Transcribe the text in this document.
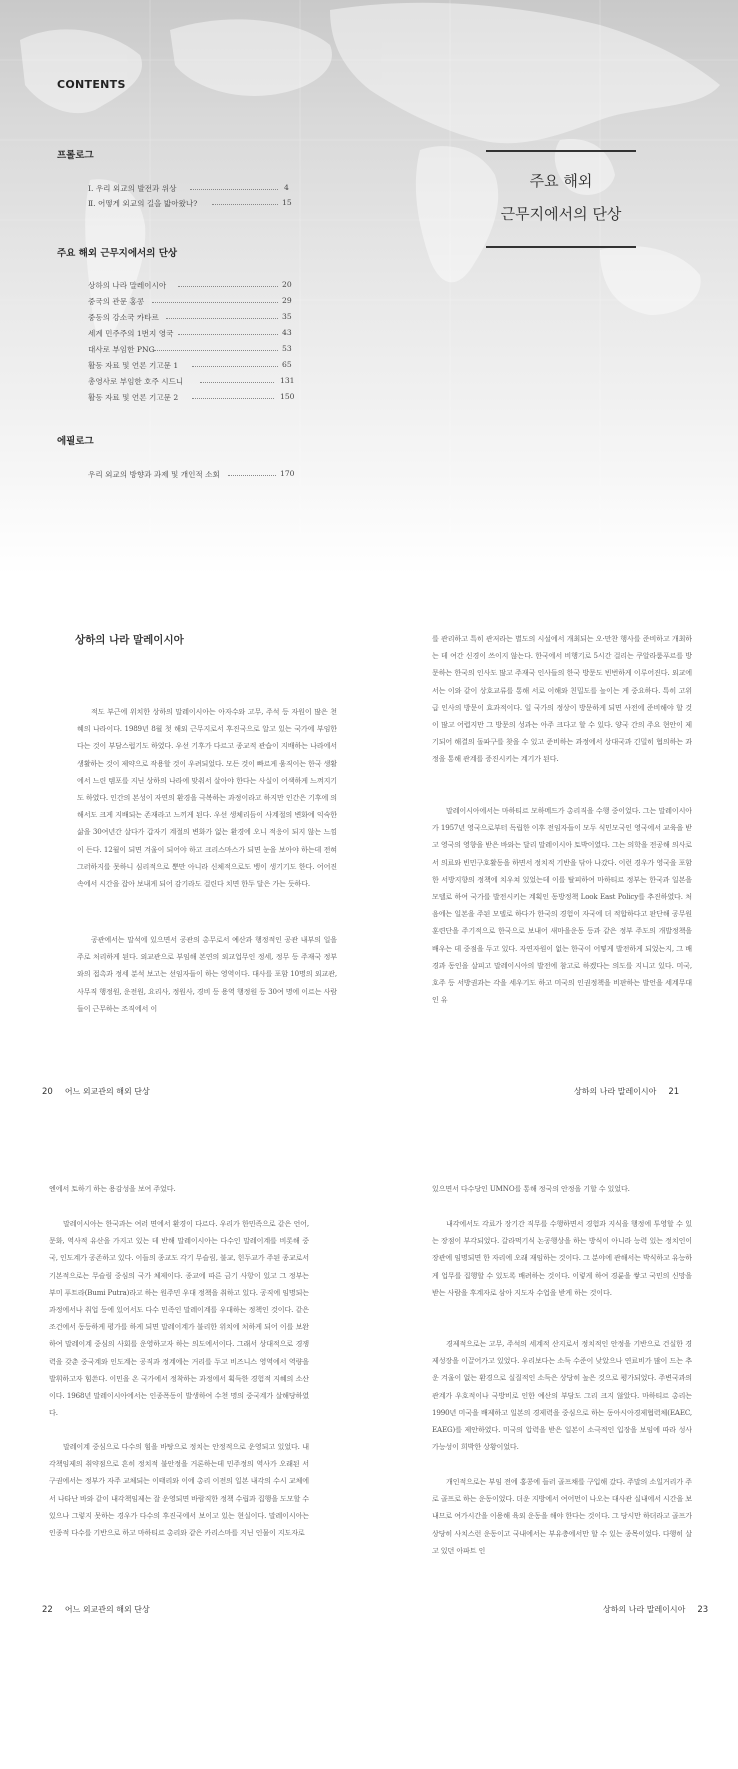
CONTENTS
프롤로그
Ⅰ. 우리 외교의 발전과 위상	4
Ⅱ. 어떻게 외교의 길을 밟아왔나?	15
주요 해외 근무지에서의 단상
상하의 나라 말레이시아	20
중국의 관문 홍콩	29
중동의 강소국 카타르	35
세계 민주주의 1번지 영국	43
대사로 부임한 PNG	53
활동 자료 및 언론 기고문 1	65
총영사로 부임한 호주 시드니	131
활동 자료 및 언론 기고문 2	150
에필로그
우리 외교의 방향과 과제 및 개인적 소회	170
주요 해외
근무지에서의 단상
상하의 나라 말레이시아
적도 부근에 위치한 상하의 말레이시아는 아자수와 고무, 주석 등 자원이 많은 천혜의 나라이다. 1989년 8월 첫 해외 근무지로서 후진국으로 알고 있는 국가에 부임한다는 것이 부담스럽기도 하였다. 우선 기후가 다르고 종교적 관습이 지배하는 나라에서 생활하는 것이 제약으로 작용할 것이 우려되었다. 모든 것이 빠르게 움직이는 한국 생활에서 느린 템포를 지닌 상하의 나라에 맞춰서 살아야 한다는 사실이 어색하게 느껴지기도 하였다. 인간의 본성이 자연의 환경을 극복하는 과정이라고 하지만 인간은 기후에 의해서도 크게 지배되는 존재라고 느끼게 된다. 우선 생체리듬이 사계절의 변화에 익숙한 삶을 30여년간 살다가 갑자기 계절의 변화가 없는 환경에 오니 적응이 되지 않는 느낌이 든다. 12월이 되면 겨울이 되어야 하고 크리스마스가 되면 눈을 보아야 하는데 전혀 그러하지를 못하니 심리적으로 뿐만 아니라 신체적으로도 뱅이 생기기도 한다. 어어진 속에서 시간을 잡아 보내게 되어 감기라도 걸린다 치면 한두 달은 가는 듯하다.
공관에서는 말석에 있으면서 공관의 총무로서 예산과 행정적인 공관 내부의 일을 주로 처리하게 된다. 외교관으로 부임해 본연의 외교업무인 정세, 정무 등 주재국 정부와의 접촉과 정세 분석 보고는 선임자들이 하는 영역이다. 대사를 포함 10명의 외교관, 사무직 행정원, 운전원, 요리사, 정원사, 경비 등 용역 행정원 등 30여 명에 이르는 사람들이 근무하는 조직에서 이
를 관리하고 특히 관저라는 별도의 시설에서 개최되는 오·만찬 행사를 준비하고 개최하는 데 여간 신경이 쓰이지 않는다. 한국에서 비행기로 5시간 걸리는 쿠알라룸푸르를 방문하는 한국의 인사도 많고 주재국 인사들의 한국 방문도 빈번하게 이루어진다. 외교에서는 이와 같이 상호교류를 통해 서로 이해와 친밀도를 높이는 게 중요하다. 특히 고위급 인사의 방문이 효과적이다. 일 국가의 정상이 방문하게 되면 사전에 준비해야 할 것이 많고 어렵지만 그 방문의 성과는 아주 크다고 할 수 있다. 양국 간의 주요 현안이 제기되어 해결의 돌파구를 찾을 수 있고 준비하는 과정에서 상대국과 긴밀히 협의하는 과정을 통해 관계를 증진시키는 계기가 된다.
말레이시아에서는 마하티르 모하메드가 총리직을 수행 중이었다. 그는 말레이시아가 1957년 영국으로부터 독립한 이후 전임자들이 모두 식민모국인 영국에서 교육을 받고 영국의 영향을 받은 바와는 달리 말레이시아 토박이였다. 그는 의학을 전공해 의사로서 의료와 빈민구호활동을 하면서 정치적 기반을 닦아 나갔다. 이런 경우가 영국을 포함한 서방지향의 정책에 치우쳐 있었는데 이를 탈피하여 마하티르 정부는 한국과 일본을 모델로 하여 국가를 발전시키는 계획인 동방정책 Look East Policy를 추진하였다. 처음에는 일본을 주된 모델로 하다가 한국의 경험이 자국에 더 적합하다고 판단해 공무원 훈련단을 주기적으로 한국으로 보내어 새마을운동 등과 같은 정부 주도의 개발정책을 배우는 데 중점을 두고 있다. 자연자원이 없는 한국이 어떻게 발전하게 되었는지, 그 배경과 동인을 살피고 말레이시아의 발전에 참고로 하겠다는 의도를 지니고 있다. 미국, 호주 등 서방권과는 각을 세우기도 하고 미국의 인권정책을 비판하는 발언을 세계무대인 유
20 어느 외교관의 해외 단상	상하의 나라 말레이시아 21
엔에서 토하기 하는 용감성을 보여 주었다.
말레이시아는 한국과는 여러 면에서 환경이 다르다. 우리가 한민족으로 같은 언어, 문화, 역사적 유산을 가지고 있는 데 반해 말레이시아는 다수인 말레이계를 비롯해 중국, 인도계가 공존하고 있다. 이들의 종교도 각기 무슬림, 불교, 힌두교가 주된 종교로서 기본적으로는 무슬림 중심의 국가 체제이다. 종교에 따른 금기 사항이 있고 그 정부는 부미 푸트라(Bumi Putra)라고 하는 원주민 우대 정책을 취하고 있다. 공직에 임명되는 과정에서나 취업 등에 있어서도 다수 민족인 말레이계를 우대하는 정책인 것이다. 같은 조건에서 동등하게 평가를 하게 되면 말레이계가 불리한 위치에 처하게 되어 이를 보완하여 말레이계 중심의 사회를 운영하고자 하는 의도에서이다. 그래서 상대적으로 경쟁력을 갖춘 중국계와 인도계는 공직과 정계에는 거리를 두고 비즈니스 영역에서 역량을 발휘하고자 힘쓴다. 이민을 온 국가에서 정착하는 과정에서 획득한 경험적 지혜의 소산이다. 1968년 말레이시아에서는 인종폭동이 발생하여 수천 명의 중국계가 살해당하였다.
말레이계 중심으로 다수의 힘을 바탕으로 정치는 안정적으로 운영되고 있었다. 내각책임제의 취약점으로 흔히 정치적 불안정을 거론하는데 민주정의 역사가 오래된 서구권에서는 정부가 자주 교체되는 이태리와 이에 총리 이전의 일본 내각의 수시 교체에서 나타난 바와 같이 내각책임제는 잘 운영되면 바람직한 정책 수립과 집행을 도모할 수 있으나 그렇지 못하는 경우가 다수의 후진국에서 보이고 있는 현실이다. 말레이시아는 인종적 다수를 기반으로 하고 마하티르 총리와 같은 카리스마를 지닌 인물이 지도자로
있으면서 다수당인 UMNO를 통해 정국의 안정을 기할 수 있었다.
내각에서도 각료가 장기간 직무를 수행하면서 경험과 지식을 행정에 투영할 수 있는 장점이 부각되었다. 갈라먹기식 논공행상을 하는 방식이 아니라 능력 있는 정치인이 장관에 임명되면 한 자리에 오래 재임하는 것이다. 그 분야에 관해서는 박식하고 유능하게 업무를 집행할 수 있도록 배려하는 것이다. 이렇게 하여 경륜을 쌓고 국민의 신망을 받는 사람을 후계자로 삼아 지도자 수업을 받게 하는 것이다.
경제적으로는 고무, 주석의 세계적 산지로서 정치적인 안정을 기반으로 건실한 경제성장을 이끌어가고 있었다. 우리보다는 소득 수준이 낮았으나 연료비가 많이 드는 추운 겨울이 없는 환경으로 실질적인 소득은 상당히 높은 것으로 평가되었다. 주변국과의 관계가 우호적이나 국방비로 인한 예산의 부담도 그리 크지 않았다. 마하티르 총리는 1990년 미국을 배제하고 일본의 경제력을 중심으로 하는 동아시아경제협력체(EAEC, EAEG)를 제안하였다. 미국의 압력을 받은 일본이 소극적인 입장을 보임에 따라 성사가능성이 희박한 상황이었다.
개인적으로는 부임 전에 홍콩에 들러 골프채를 구입해 갔다. 주말의 소일거리가 주로 골프로 하는 운동이었다. 더운 지방에서 여어먼이 나오는 대사관 실내에서 시간을 보내므로 여가시간을 이용해 육외 운동을 해야 한다는 것이다. 그 당시만 하더라고 골프가 상당히 사치스런 운동이고 국내에서는 부유층에서만 할 수 있는 종목이었다. 다행히 살고 있던 아파트 인
22 어느 외교관의 해외 단상	상하의 나라 말레이시아 23
